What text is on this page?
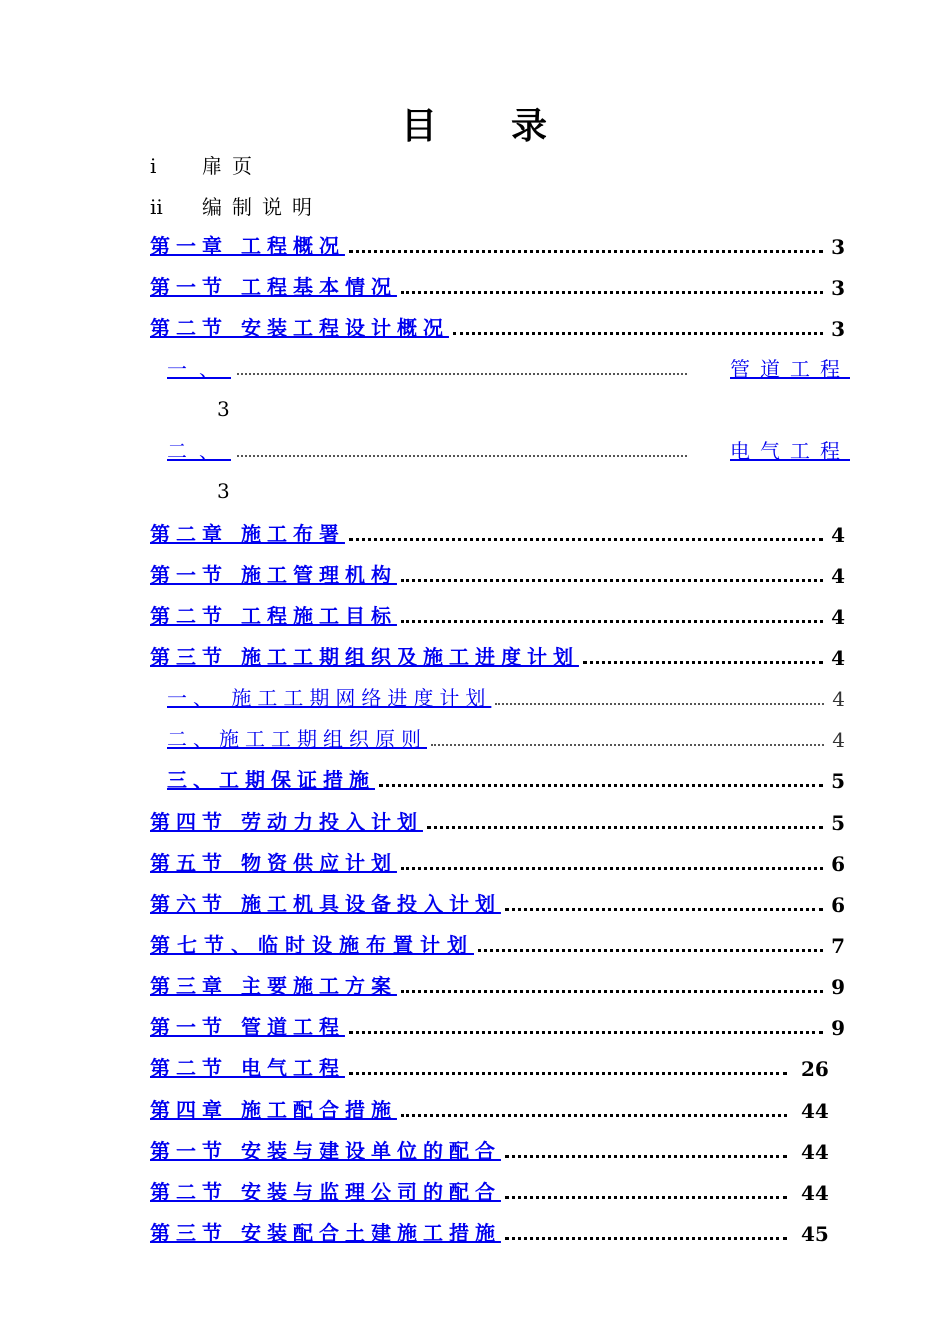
目 录
i 扉页
ii 编制说明
第一章 工程概况	3
第一节 工程基本情况	3
第二节 安装工程设计概况	3
一、	管道工程
3
二、	电气工程
3
第二章 施工布署	4
第一节 施工管理机构	4
第二节 工程施工目标	4
第三节 施工工期组织及施工进度计划	4
一、 施工工期网络进度计划	4
二、施工工期组织原则	4
三、工期保证措施	5
第四节 劳动力投入计划	5
第五节 物资供应计划	6
第六节 施工机具设备投入计划	6
第七节、临时设施布置计划	7
第三章 主要施工方案	9
第一节 管道工程	9
第二节 电气工程	26
第四章 施工配合措施	44
第一节 安装与建设单位的配合	44
第二节 安装与监理公司的配合	44
第三节 安装配合土建施工措施	45
